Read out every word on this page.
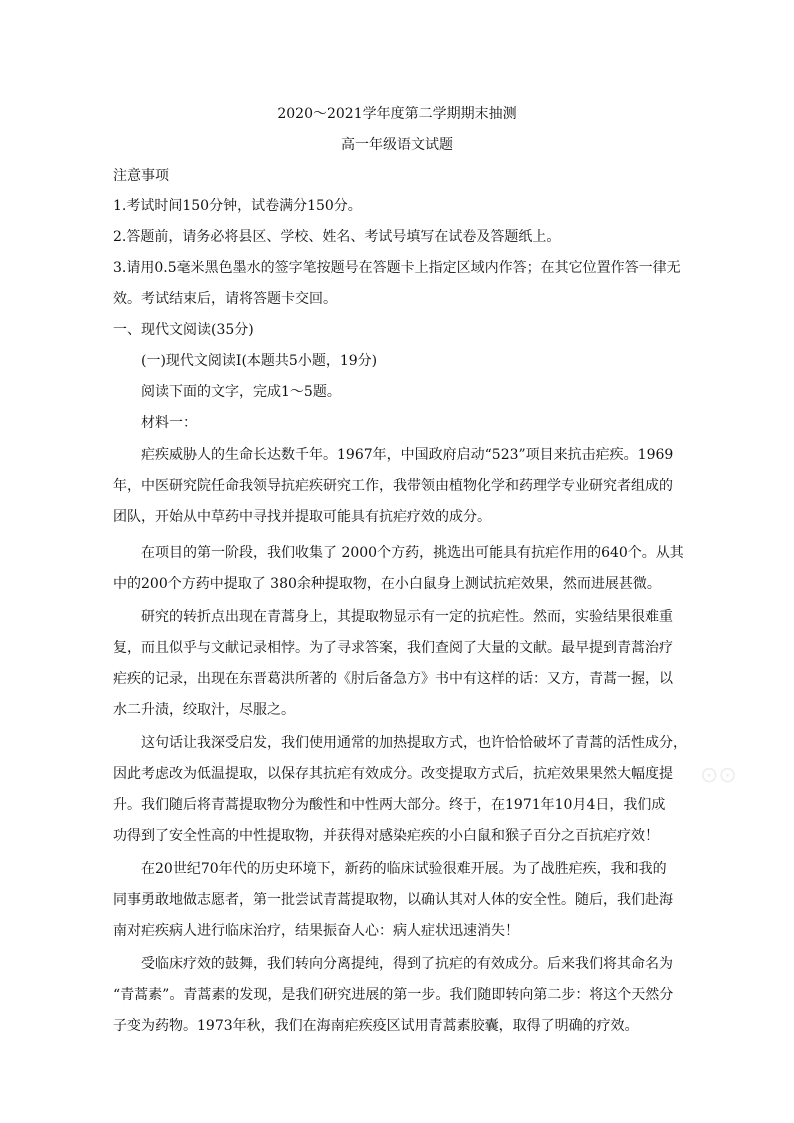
2020～2021学年度第二学期期末抽测
高一年级语文试题
注意事项
1.考试时间150分钟，试卷满分150分。
2.答题前，请务必将县区、学校、姓名、考试号填写在试卷及答题纸上。
3.请用0.5毫米黑色墨水的签字笔按题号在答题卡上指定区域内作答；在其它位置作答一律无
效。考试结束后，请将答题卡交回。
一、现代文阅读(35分)
(一)现代文阅读I(本题共5小题，19分)
阅读下面的文字，完成1～5题。
材料一：
疟疾威胁人的生命长达数千年。1967年，中国政府启动“523”项目来抗击疟疾。1969
年，中医研究院任命我领导抗疟疾研究工作，我带领由植物化学和药理学专业研究者组成的
团队，开始从中草药中寻找并提取可能具有抗疟疗效的成分。
在项目的第一阶段，我们收集了 2000个方药，挑选出可能具有抗疟作用的640个。从其
中的200个方药中提取了 380余种提取物，在小白鼠身上测试抗疟效果，然而进展甚微。
研究的转折点出现在青蒿身上，其提取物显示有一定的抗疟性。然而，实验结果很难重
复，而且似乎与文献记录相悖。为了寻求答案，我们查阅了大量的文献。最早提到青蒿治疗
疟疾的记录，出现在东晋葛洪所著的《肘后备急方》书中有这样的话：又方，青蒿一握，以
水二升渍，绞取汁，尽服之。
这句话让我深受启发，我们使用通常的加热提取方式，也许恰恰破坏了青蒿的活性成分，
因此考虑改为低温提取，以保存其抗疟有效成分。改变提取方式后，抗疟效果果然大幅度提
升。我们随后将青蒿提取物分为酸性和中性两大部分。终于，在1971年10月4日，我们成
功得到了安全性高的中性提取物，并获得对感染疟疾的小白鼠和猴子百分之百抗疟疗效！
在20世纪70年代的历史环境下，新药的临床试验很难开展。为了战胜疟疾，我和我的
同事勇敢地做志愿者，第一批尝试青蒿提取物，以确认其对人体的安全性。随后，我们赴海
南对疟疾病人进行临床治疗，结果振奋人心：病人症状迅速消失！
受临床疗效的鼓舞，我们转向分离提纯，得到了抗疟的有效成分。后来我们将其命名为
“青蒿素”。青蒿素的发现，是我们研究进展的第一步。我们随即转向第二步：将这个天然分
子变为药物。1973年秋，我们在海南疟疾疫区试用青蒿素胶囊，取得了明确的疗效。
⊙⊙
